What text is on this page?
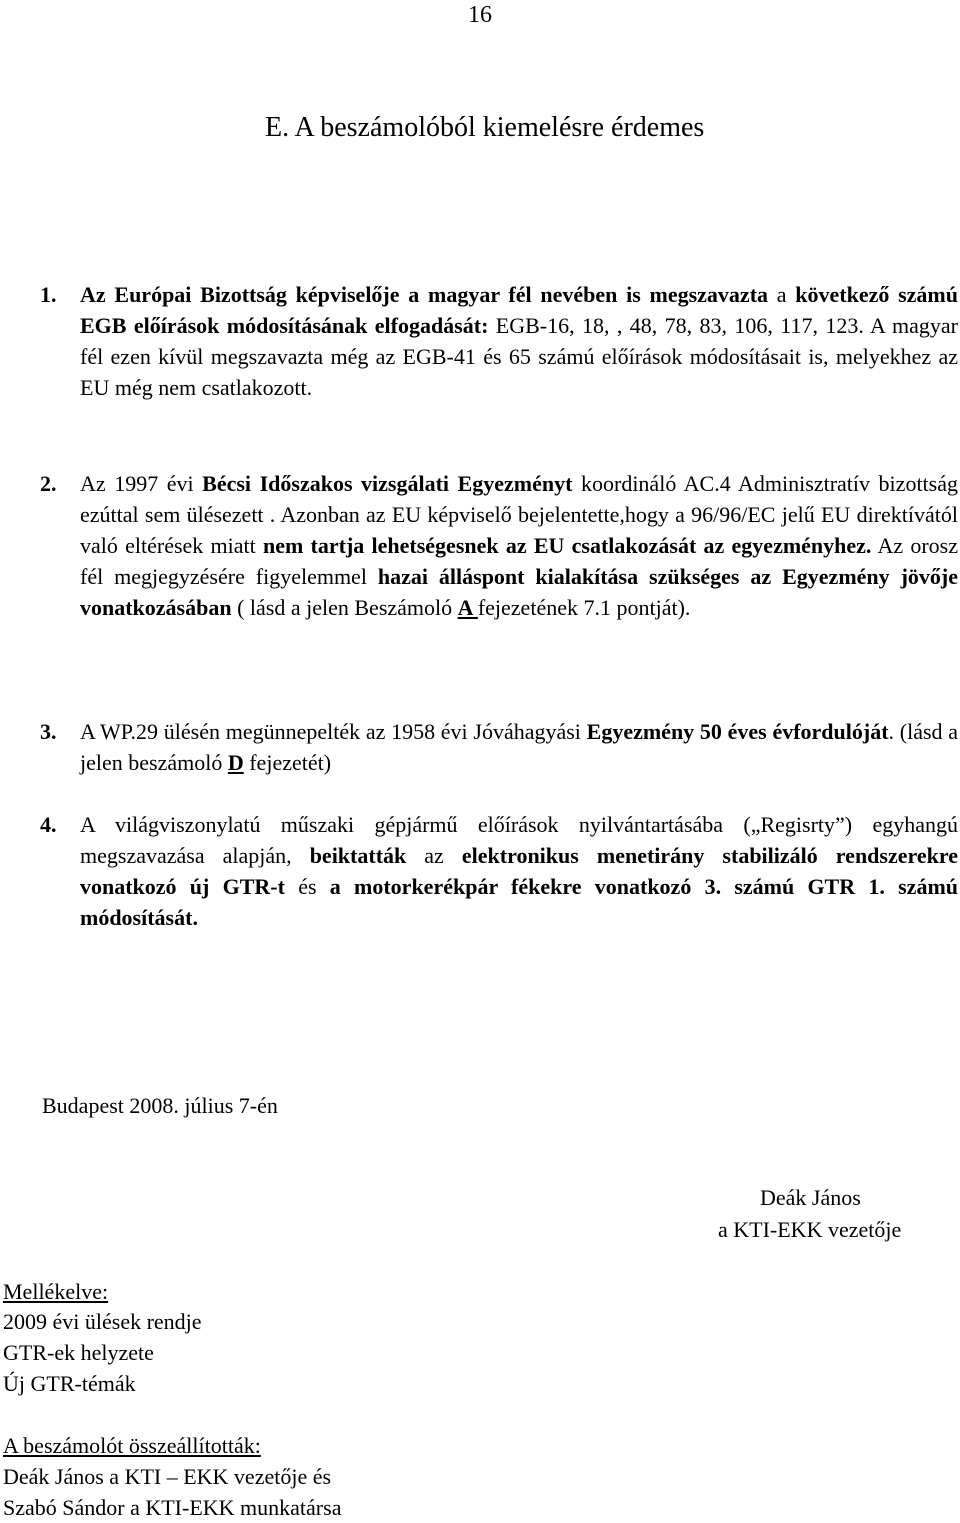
16
E. A beszámolóból kiemelésre érdemes
1. Az Európai Bizottság képviselője a magyar fél nevében is megszavazta a következő számú EGB előírások módosításának elfogadását: EGB-16, 18, , 48, 78, 83, 106, 117, 123. A magyar fél ezen kívül megszavazta még az EGB-41 és 65 számú előírások módosításait is, melyekhez az EU még nem csatlakozott.
2. Az 1997 évi Bécsi Időszakos vizsgálati Egyezményt koordináló AC.4 Adminisztratív bizottság ezúttal sem ülésezett . Azonban az EU képviselő bejelentette,hogy a 96/96/EC jelű EU direktívától való eltérések miatt nem tartja lehetségesnek az EU csatlakozását az egyezményhez. Az orosz fél megjegyzésére figyelemmel hazai álláspont kialakítása szükséges az Egyezmény jövője vonatkozásában ( lásd a jelen Beszámoló A fejezetének 7.1 pontját).
3. A WP.29 ülésén megünnepelték az 1958 évi Jóváhagyási Egyezmény 50 éves évfordulóját. (lásd a jelen beszámoló D fejezetét)
4. A világviszonylatú műszaki gépjármű előírások nyilvántartásába („Regisrty”) egyhangú megszavazása alapján, beiktatták az elektronikus menetirány stabilizáló rendszerekre vonatkozó új GTR-t és a motorkerékpár fékekre vonatkozó 3. számú GTR 1. számú módosítását.
Budapest 2008. július 7-én
Deák János
a KTI-EKK vezetője
Mellékelve:
2009 évi ülések rendje
GTR-ek helyzete
Új GTR-témák
A beszámolót összeállították:
Deák János a KTI – EKK vezetője és
Szabó Sándor a KTI-EKK munkatársa
